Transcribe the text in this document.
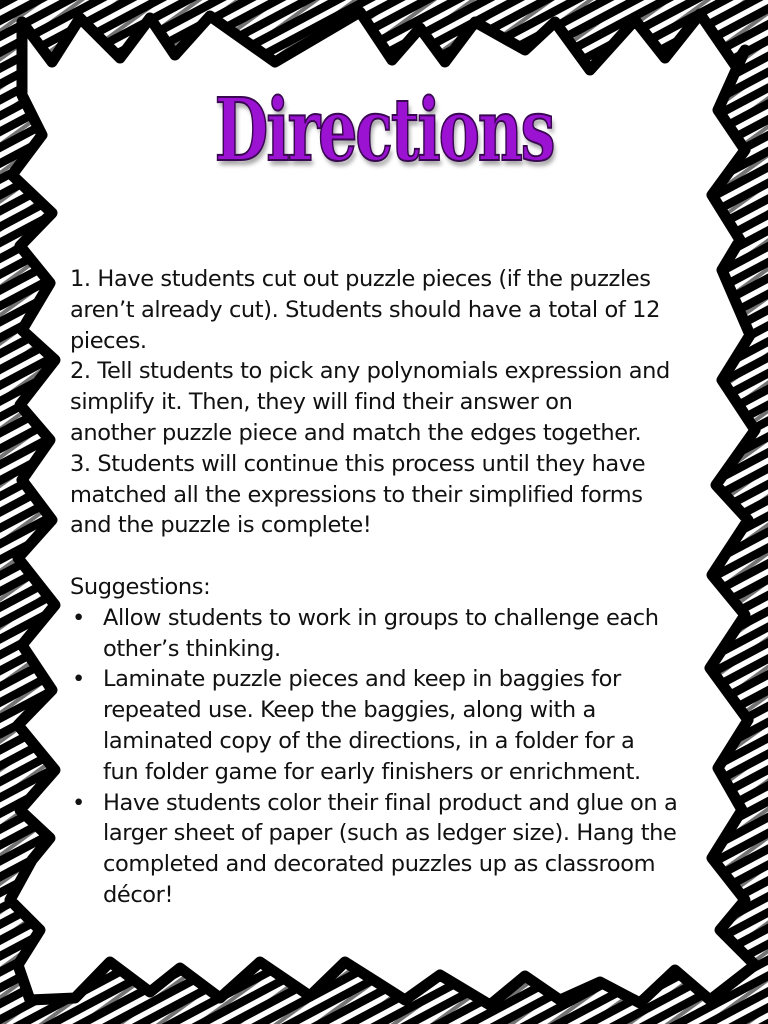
Directions

1. Have students cut out puzzle pieces (if the puzzles
aren’t already cut). Students should have a total of 12
pieces.

2. Tell students to pick any polynomials expression and
simplify it. Then, they will find their answer on
another puzzle piece and match the edges together.

3. Students will continue this process until they have
matched all the expressions to their simplified forms
and the puzzle is complete!

Suggestions:

• Allow students to work in groups to challenge each
other’s thinking.
• Laminate puzzle pieces and keep in baggies for
repeated use. Keep the baggies, along with a
laminated copy of the directions, in a folder for a
fun folder game for early finishers or enrichment.
• Have students color their final product and glue on a
larger sheet of paper (such as ledger size). Hang the
completed and decorated puzzles up as classroom
décor!
